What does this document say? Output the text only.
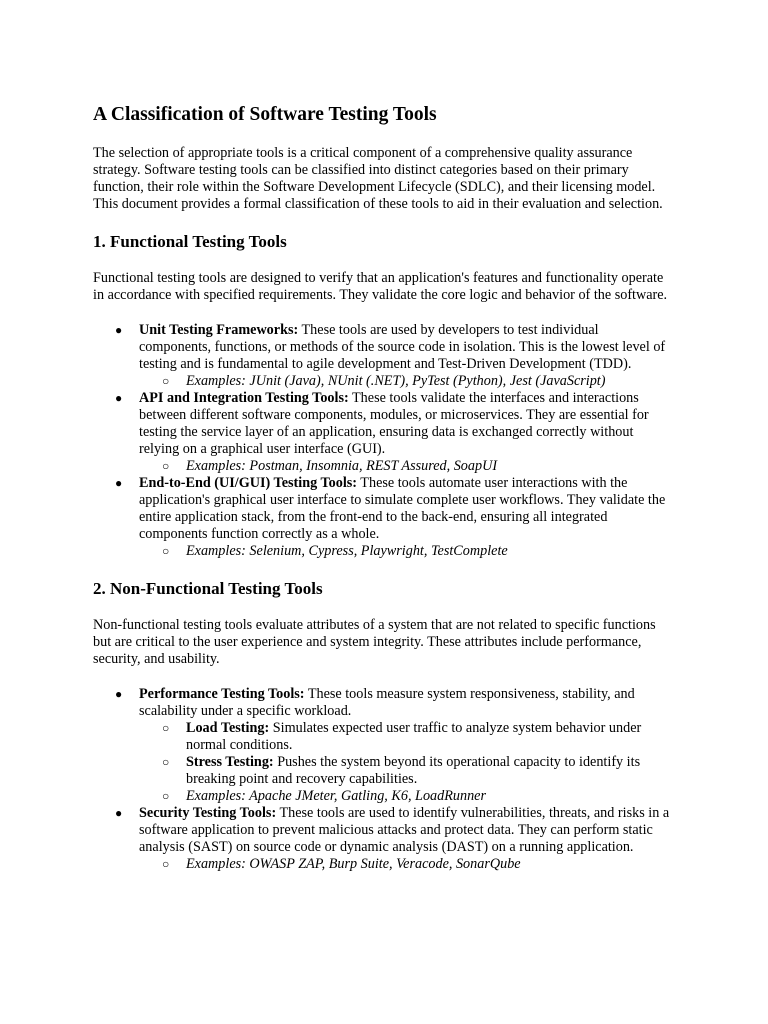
A Classification of Software Testing Tools

The selection of appropriate tools is a critical component of a comprehensive quality assurance strategy. Software testing tools can be classified into distinct categories based on their primary function, their role within the Software Development Lifecycle (SDLC), and their licensing model. This document provides a formal classification of these tools to aid in their evaluation and selection.

1. Functional Testing Tools

Functional testing tools are designed to verify that an application's features and functionality operate in accordance with specified requirements. They validate the core logic and behavior of the software.

● Unit Testing Frameworks: These tools are used by developers to test individual components, functions, or methods of the source code in isolation. This is the lowest level of testing and is fundamental to agile development and Test-Driven Development (TDD).
○ Examples: JUnit (Java), NUnit (.NET), PyTest (Python), Jest (JavaScript)
● API and Integration Testing Tools: These tools validate the interfaces and interactions between different software components, modules, or microservices. They are essential for testing the service layer of an application, ensuring data is exchanged correctly without relying on a graphical user interface (GUI).
○ Examples: Postman, Insomnia, REST Assured, SoapUI
● End-to-End (UI/GUI) Testing Tools: These tools automate user interactions with the application's graphical user interface to simulate complete user workflows. They validate the entire application stack, from the front-end to the back-end, ensuring all integrated components function correctly as a whole.
○ Examples: Selenium, Cypress, Playwright, TestComplete
2. Non-Functional Testing Tools

Non-functional testing tools evaluate attributes of a system that are not related to specific functions but are critical to the user experience and system integrity. These attributes include performance, security, and usability.

● Performance Testing Tools: These tools measure system responsiveness, stability, and scalability under a specific workload.
○ Load Testing: Simulates expected user traffic to analyze system behavior under normal conditions.
○ Stress Testing: Pushes the system beyond its operational capacity to identify its breaking point and recovery capabilities.
○ Examples: Apache JMeter, Gatling, K6, LoadRunner
● Security Testing Tools: These tools are used to identify vulnerabilities, threats, and risks in a software application to prevent malicious attacks and protect data. They can perform static analysis (SAST) on source code or dynamic analysis (DAST) on a running application.
○ Examples: OWASP ZAP, Burp Suite, Veracode, SonarQube
